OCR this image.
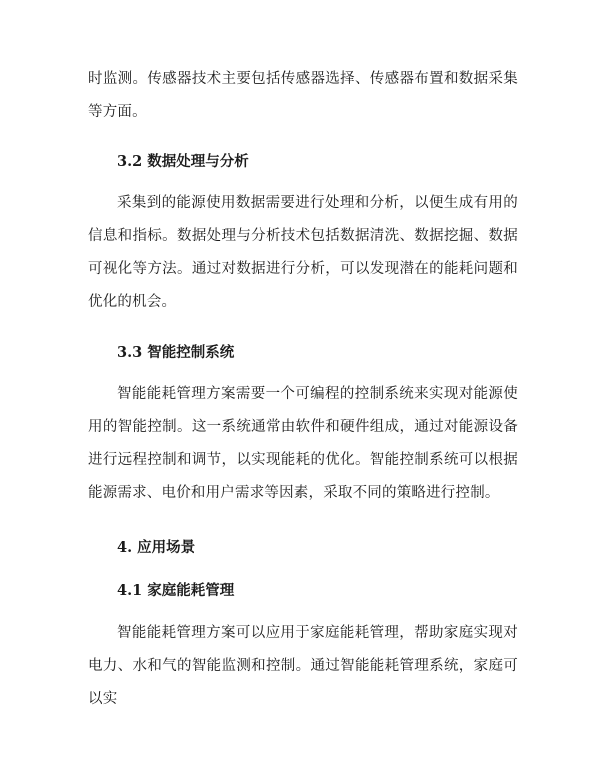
时监测。传感器技术主要包括传感器选择、传感器布置和数据采集等方面。

3.2 数据处理与分析

采集到的能源使用数据需要进行处理和分析，以便生成有用的信息和指标。数据处理与分析技术包括数据清洗、数据挖掘、数据可视化等方法。通过对数据进行分析，可以发现潜在的能耗问题和优化的机会。

3.3 智能控制系统

智能能耗管理方案需要一个可编程的控制系统来实现对能源使用的智能控制。这一系统通常由软件和硬件组成，通过对能源设备进行远程控制和调节，以实现能耗的优化。智能控制系统可以根据能源需求、电价和用户需求等因素，采取不同的策略进行控制。

4. 应用场景
4.1 家庭能耗管理

智能能耗管理方案可以应用于家庭能耗管理，帮助家庭实现对电力、水和气的智能监测和控制。通过智能能耗管理系统，家庭可以实
